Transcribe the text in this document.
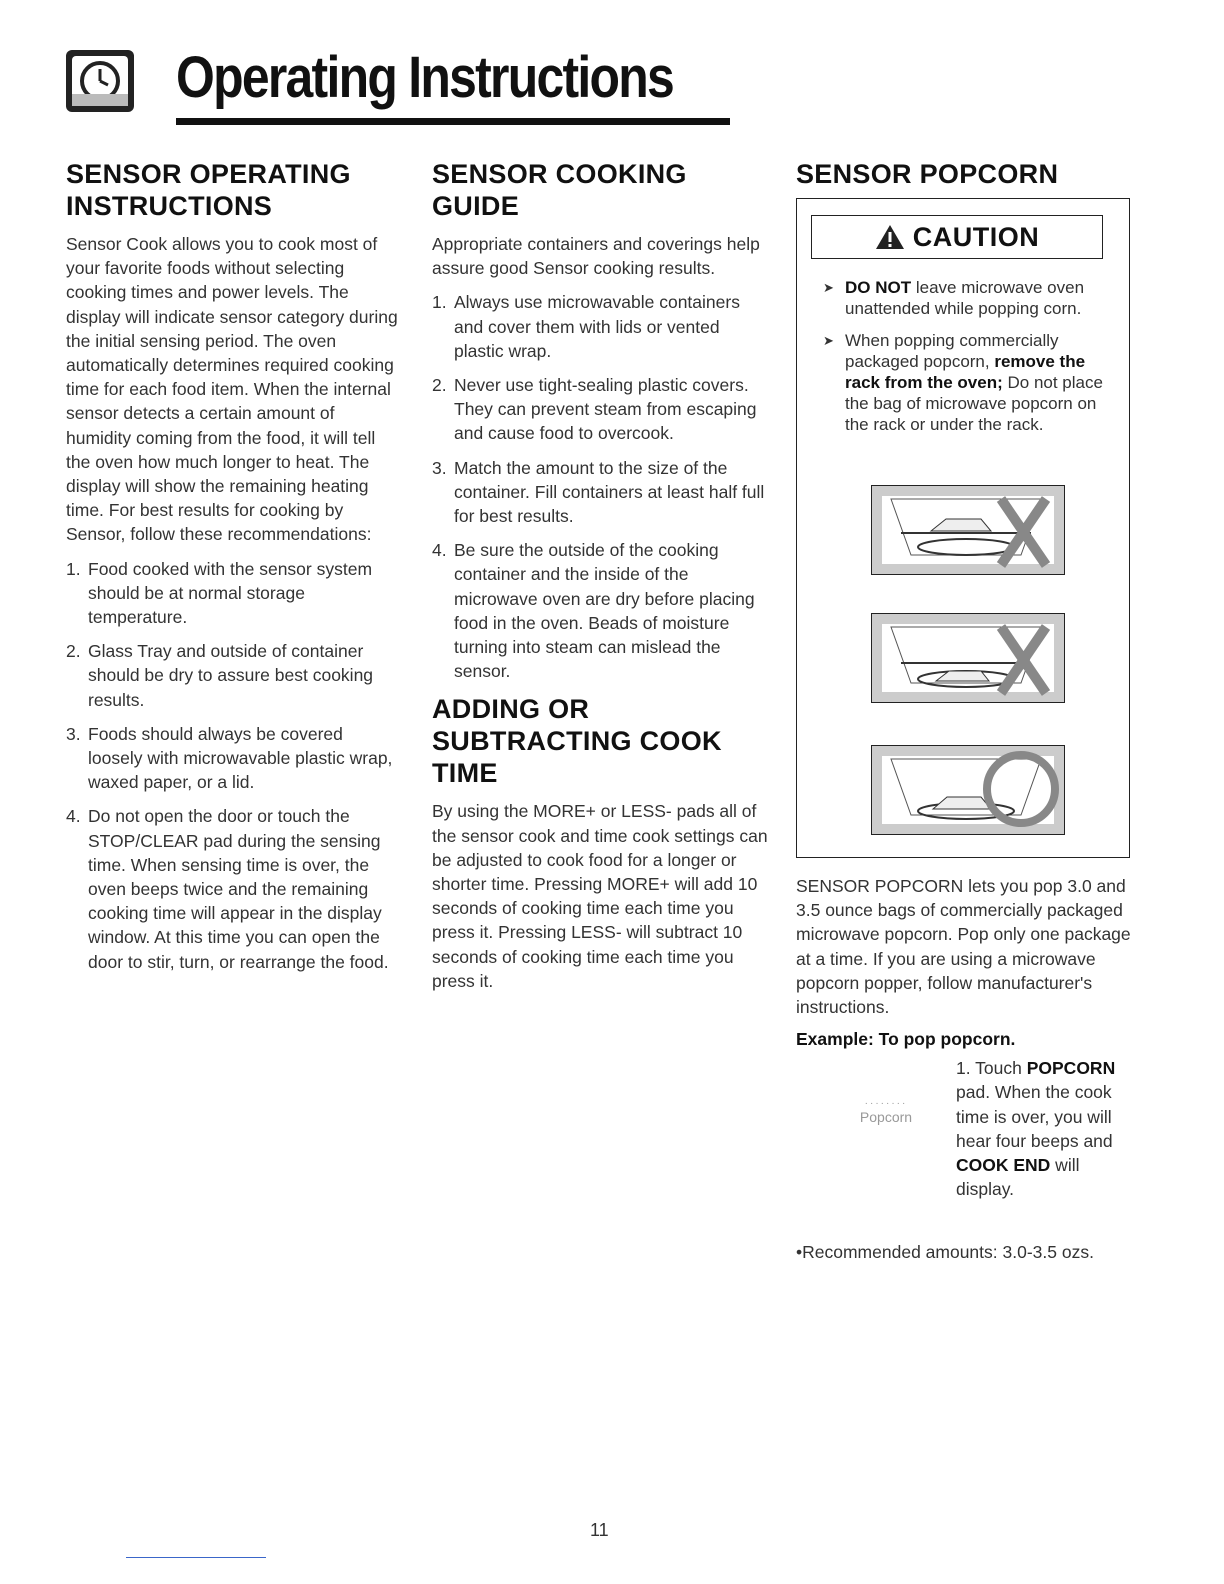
Operating Instructions
SENSOR OPERATING
INSTRUCTIONS

Sensor Cook allows you to cook most of your favorite foods without selecting cooking times and power levels. The display will indicate sensor category during the initial sensing period. The oven automatically determines required cooking time for each food item. When the internal sensor detects a certain amount of humidity coming from the food, it will tell the oven how much longer to heat. The display will show the remaining heating time. For best results for cooking by Sensor, follow these recommendations:

1. Food cooked with the sensor system should be at normal storage temperature.
2. Glass Tray and outside of container should be dry to assure best cooking results.
3. Foods should always be covered loosely with microwavable plastic wrap, waxed paper, or a lid.
4. Do not open the door or touch the STOP/CLEAR pad during the sensing time. When sensing time is over, the oven beeps twice and the remaining cooking time will appear in the display window. At this time you can open the door to stir, turn, or rearrange the food.
SENSOR COOKING
GUIDE

Appropriate containers and coverings help assure good Sensor cooking results.

1. Always use microwavable containers and cover them with lids or vented plastic wrap.
2. Never use tight-sealing plastic covers. They can prevent steam from escaping and cause food to overcook.
3. Match the amount to the size of the container. Fill containers at least half full for best results.
4. Be sure the outside of the cooking container and the inside of the microwave oven are dry before placing food in the oven. Beads of moisture turning into steam can mislead the sensor.
ADDING OR
SUBTRACTING COOK
TIME

By using the MORE+ or LESS- pads all of the sensor cook and time cook settings can be adjusted to cook food for a longer or shorter time. Pressing MORE+ will add 10 seconds of cooking time each time you press it. Pressing LESS- will subtract 10 seconds of cooking time each time you press it.

SENSOR POPCORN
CAUTION
➤ DO NOT leave microwave oven unattended while popping corn.
➤ When popping commercially packaged popcorn, remove the rack from the oven; Do not place the bag of microwave popcorn on the rack or under the rack.

SENSOR POPCORN lets you pop 3.0 and 3.5 ounce bags of commercially packaged microwave popcorn. Pop only one package at a time. If you are using a microwave popcorn popper, follow manufacturer's instructions.

Example: To pop popcorn.
········
Popcorn
1. Touch POPCORN pad. When the cook time is over, you will hear four beeps and COOK END will display.

•Recommended amounts: 3.0-3.5 ozs.

11
